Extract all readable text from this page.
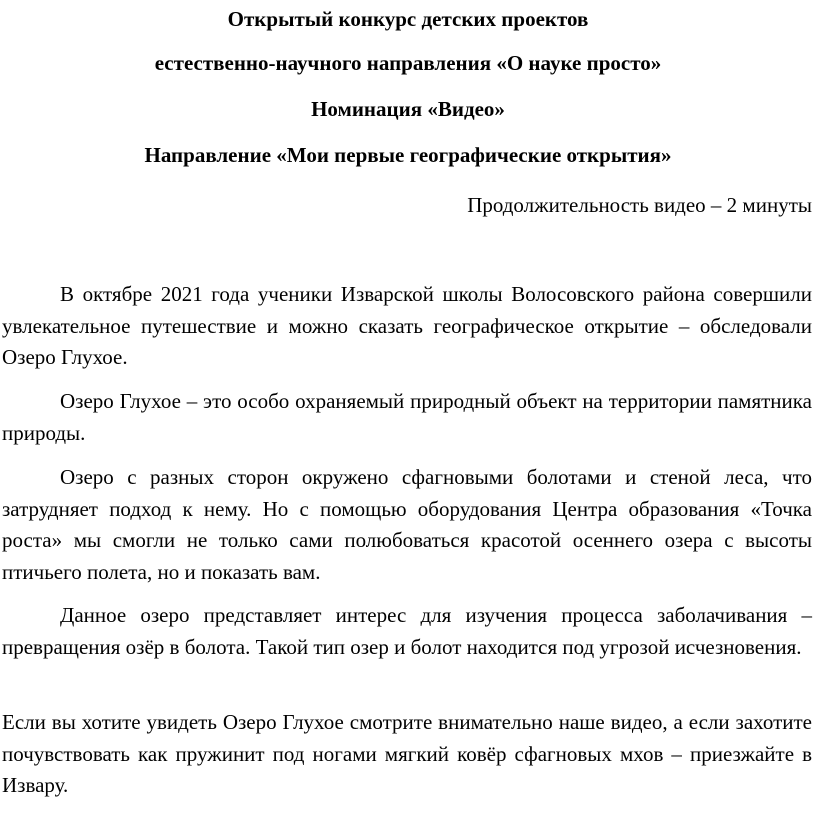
Открытый конкурс детских проектов
естественно-научного направления «О науке просто»
Номинация «Видео»
Направление «Мои первые географические открытия»
Продолжительность видео – 2 минуты

В октябре 2021 года ученики Изварской школы Волосовского района совершили увлекательное путешествие и можно сказать географическое открытие – обследовали Озеро Глухое.

Озеро Глухое – это особо охраняемый природный объект на территории памятника природы.

Озеро с разных сторон окружено сфагновыми болотами и стеной леса, что затрудняет подход к нему. Но с помощью оборудования Центра образования «Точка роста» мы смогли не только сами полюбоваться красотой осеннего озера с высоты птичьего полета, но и показать вам.

Данное озеро представляет интерес для изучения процесса заболачивания – превращения озёр в болота. Такой тип озер и болот находится под угрозой исчезновения.

Если вы хотите увидеть Озеро Глухое смотрите внимательно наше видео, а если захотите почувствовать как пружинит под ногами мягкий ковёр сфагновых мхов – приезжайте в Извару.
